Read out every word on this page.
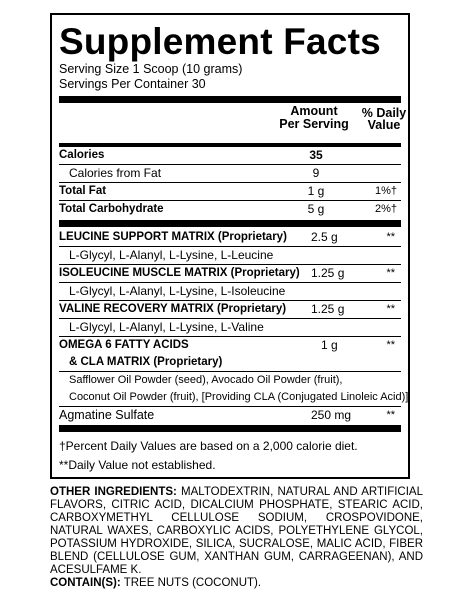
Supplement Facts
Serving Size 1 Scoop (10 grams)
Servings Per Container 30
Amount
Per Serving
% Daily
Value
Calories	35
Calories from Fat	9
Total Fat	1 g	1%†
Total Carbohydrate	5 g	2%†
LEUCINE SUPPORT MATRIX (Proprietary) 2.5 g	**
L-Glycyl, L-Alanyl, L-Lysine, L-Leucine
ISOLEUCINE MUSCLE MATRIX (Proprietary) 1.25 g	**
L-Glycyl, L-Alanyl, L-Lysine, L-Isoleucine
VALINE RECOVERY MATRIX (Proprietary) 1.25 g	**
L-Glycyl, L-Alanyl, L-Lysine, L-Valine
OMEGA 6 FATTY ACIDS	1 g	**
& CLA MATRIX (Proprietary)
Safflower Oil Powder (seed), Avocado Oil Powder (fruit),
Coconut Oil Powder (fruit), [Providing CLA (Conjugated Linoleic Acid)]
Agmatine Sulfate	250 mg	**
†Percent Daily Values are based on a 2,000 calorie diet.
**Daily Value not established.
OTHER INGREDIENTS: MALTODEXTRIN, NATURAL AND ARTIFICIAL FLAVORS, CITRIC ACID, DICALCIUM PHOSPHATE, STEARIC ACID, CARBOXYMETHYL CELLULOSE SODIUM, CROSPOVIDONE, NATURAL WAXES, CARBOXYLIC ACIDS, POLYETHYLENE GLYCOL, POTASSIUM HYDROXIDE, SILICA, SUCRALOSE, MALIC ACID, FIBER BLEND (CELLULOSE GUM, XANTHAN GUM, CARRAGEENAN), AND ACESULFAME K.
CONTAIN(S): TREE NUTS (COCONUT).
